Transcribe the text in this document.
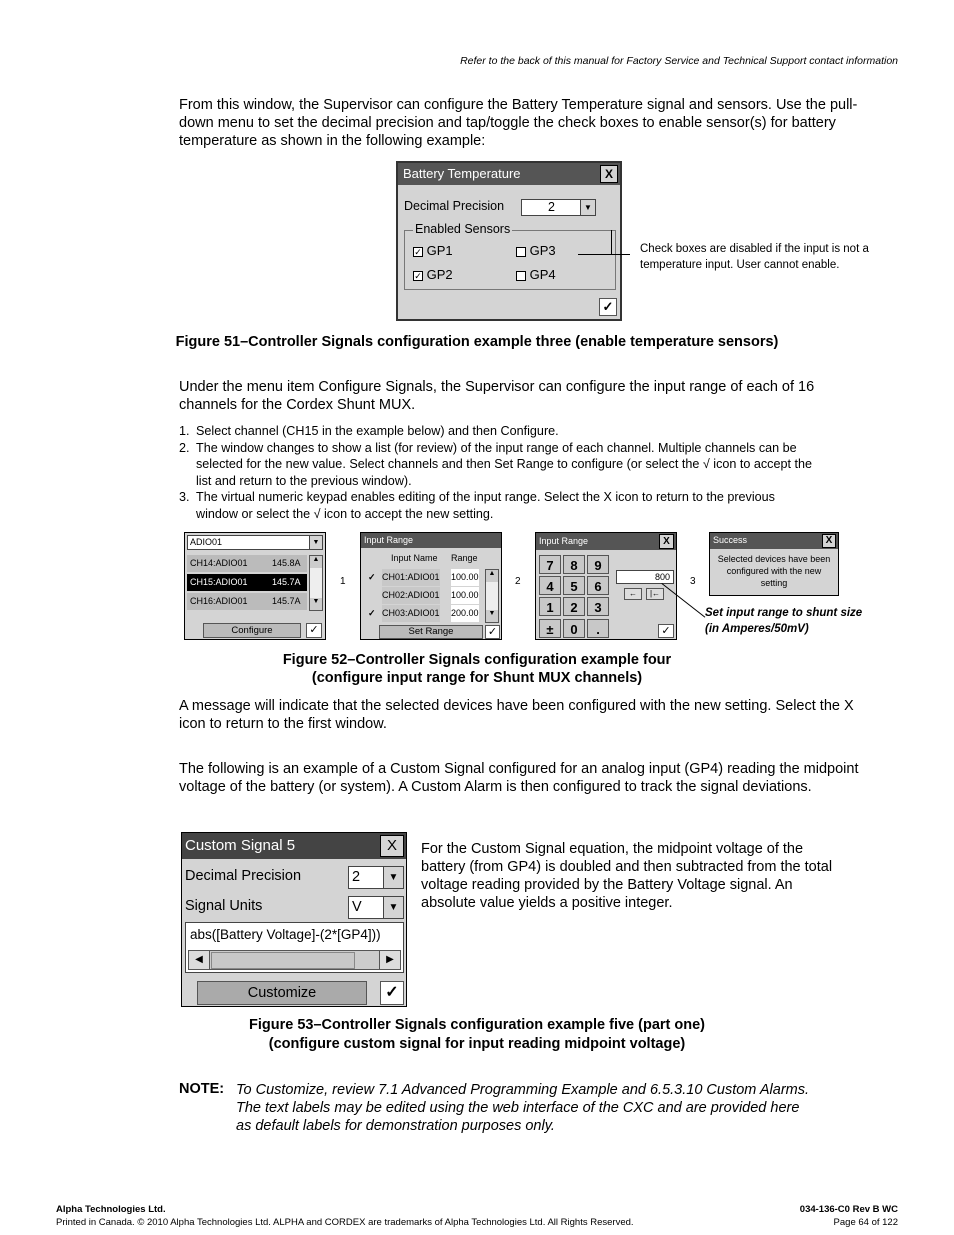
Refer to the back of this manual for Factory Service and Technical Support contact information

From this window, the Supervisor can configure the Battery Temperature signal and sensors. Use the pull-down menu to set the decimal precision and tap/toggle the check boxes to enable sensor(s) for battery temperature as shown in the following example:

Battery Temperature	X
Decimal Precision	2	▼
Enabled Sensors
✓ GP1	GP3
✓ GP2	GP4
✓
Check boxes are disabled if the input is not a temperature input. User cannot enable.
Figure 51–Controller Signals configuration example three (enable temperature sensors)

Under the menu item Configure Signals, the Supervisor can configure the input range of each of 16 channels for the Cordex Shunt MUX.

1. Select channel (CH15 in the example below) and then Configure.
2. The window changes to show a list (for review) of the input range of each channel. Multiple channels can be selected for the new value. Select channels and then Set Range to configure (or select the √ icon to accept the list and return to the previous window).
3. The virtual numeric keypad enables editing of the input range. Select the X icon to return to the previous window or select the √ icon to accept the new setting.
ADIO01	▼
CH14:ADIO01	145.8A
CH15:ADIO01	145.7A
CH16:ADIO01	145.7A
▲
▼
Configure	✓
1
Input Range
Input Name Range
✓ CH01:ADIO01 100.00
CH02:ADIO01 100.00
✓ CH03:ADIO01 200.00
▲
▼
Set Range	✓
2
Input Range	X
7	8	9
4	5	6
1	2	3
±	0	.
800
←	|←
✓
3
Set input range to shunt size (in Amperes/50mV)
Success	X
Selected devices have been configured with the new setting
Figure 52–Controller Signals configuration example four
(configure input range for Shunt MUX channels)

A message will indicate that the selected devices have been configured with the new setting. Select the X icon to return to the first window.

The following is an example of a Custom Signal configured for an analog input (GP4) reading the midpoint voltage of the battery (or system). A Custom Alarm is then configured to track the signal deviations.

Custom Signal 5	X
Decimal Precision	2	▼
Signal Units	V	▼
abs([Battery Voltage]-(2*[GP4]))
◀	▶
Customize	✓
For the Custom Signal equation, the midpoint voltage of the battery (from GP4) is doubled and then subtracted from the total voltage reading provided by the Battery Voltage signal. An absolute value yields a positive integer.
Figure 53–Controller Signals configuration example five (part one)
(configure custom signal for input reading midpoint voltage)
NOTE: To Customize, review 7.1 Advanced Programming Example and 6.5.3.10 Custom Alarms.
The text labels may be edited using the web interface of the CXC and are provided here
as default labels for demonstration purposes only.
Alpha Technologies Ltd.
Printed in Canada. © 2010 Alpha Technologies Ltd. ALPHA and CORDEX are trademarks of Alpha Technologies Ltd. All Rights Reserved.
034-136-C0 Rev B WC
Page 64 of 122
